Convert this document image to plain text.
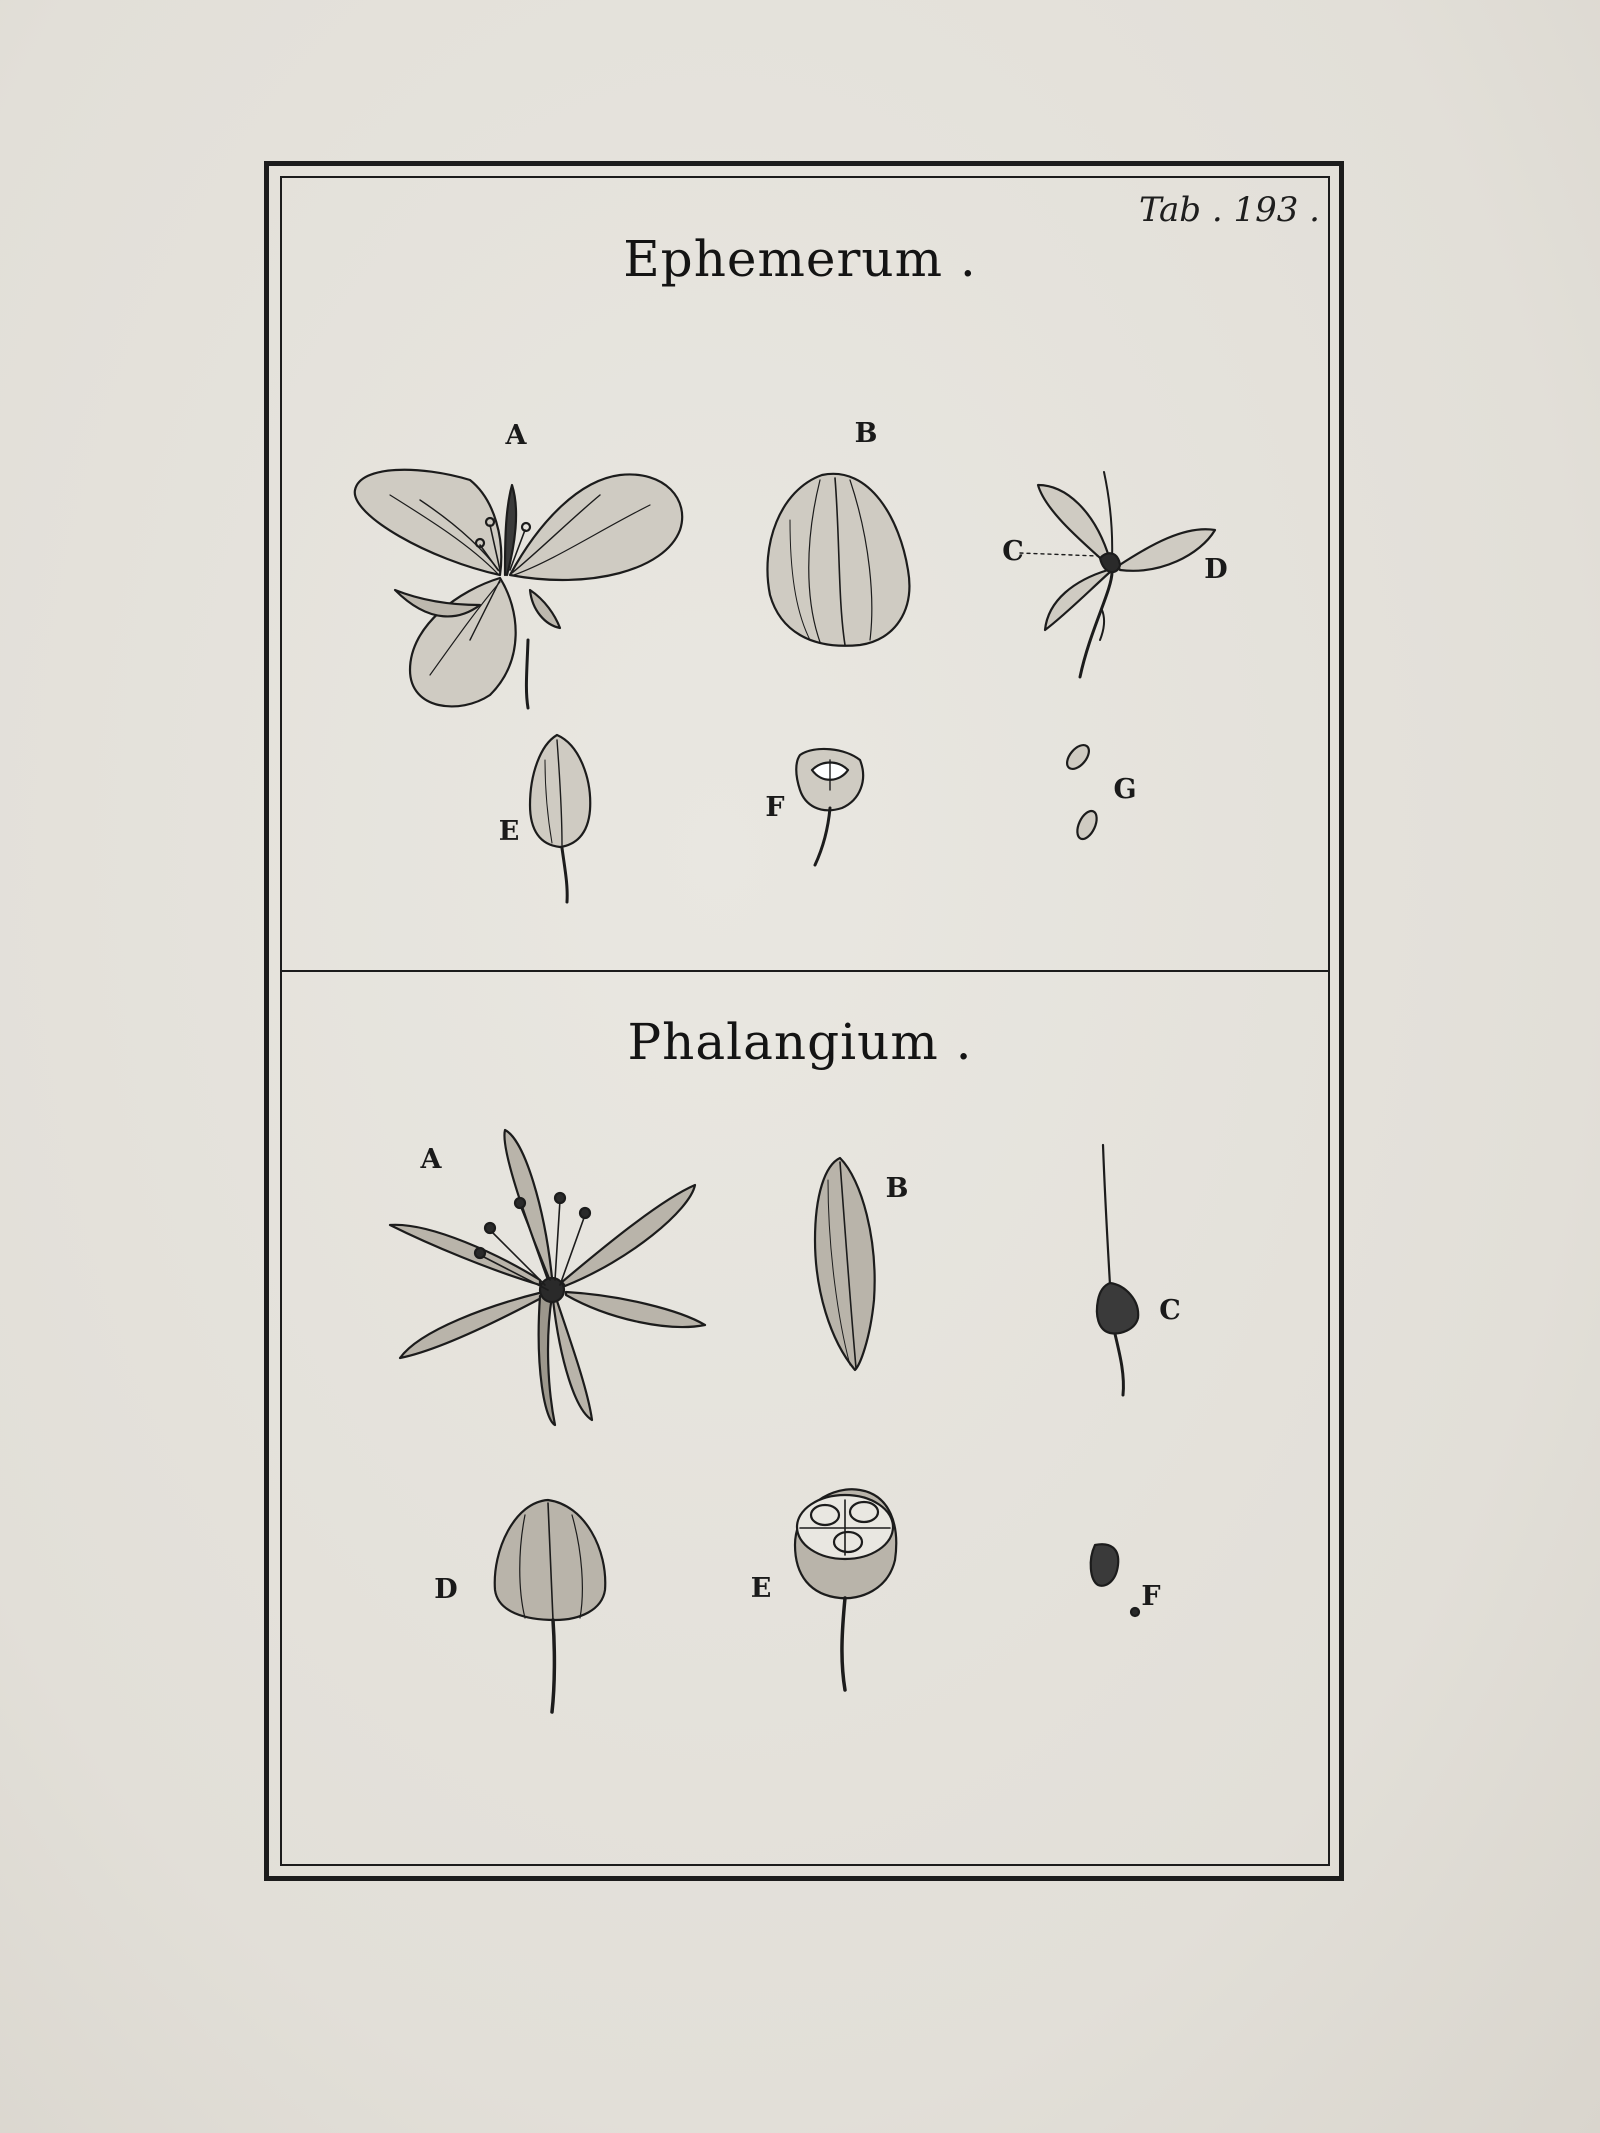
Tab . 193 .
Ephemerum .
Phalangium .
A	B
C
D
E
F
G
A
B
C
D	E	F
